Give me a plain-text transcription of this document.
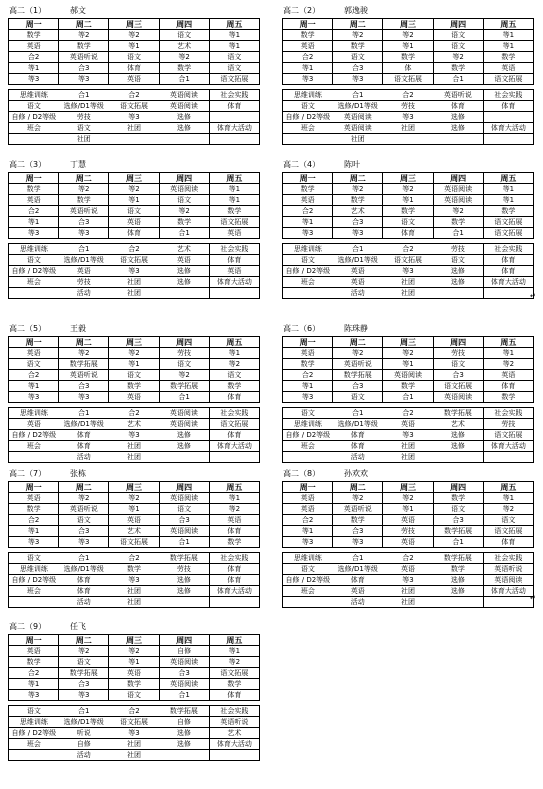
高二（1）	郝文
周一	周二	周三	周四	周五
数学	等2	等2	语文	等1
英语	数学	等1	艺术	等1
合2	英语听说	语文	等2	语文
等1	合3	体育	数学	语文
等3	等3	英语	合1	语文拓展
思维训练	合1	合2	英语阅读	社会实践
语文	选修/D1等级	语文拓展	英语阅读	体育
自修 / D2等级	劳技	等3	选修	
班会	语文	社团	选修	体育大活动
	社团			
高二（2）	郭逸骏
周一	周二	周三	周四	周五
数学	等2	等2	语文	等1
英语	数学	等1	语文	等1
合2	语文	数学	等2	数学
等1	合3	体	数学	英语
等3	等3	语文拓展	合1	语文拓展
思维训练	合1	合2	英语听说	社会实践
语文	选修/D1等级	劳技	体育	体育
自修 / D2等级	英语阅读	等3	选修	
班会	英语阅读	社团	选修	体育大活动
	社团			
高二（3）	丁慧
周一	周二	周三	周四	周五
数学	等2	等2	英语阅读	等1
英语	数学	等1	语文	等1
合2	英语听说	语文	等2	数学
等1	合3	英语	数学	语文拓展
等3	等3	体育	合1	英语
思维训练	合1	合2	艺术	社会实践
语文	选修/D1等级	语文拓展	英语	体育
自修 / D2等级	英语	等3	选修	英语
班会	劳技	社团	选修	体育大活动
	活动	社团		
高二（4）	陈叶
周一	周二	周三	周四	周五
数学	等2	等2	英语阅读	等1
英语	数学	等1	英语阅读	等1
合2	艺术	数学	等2	数学
等1	合3	语文	数学	语文拓展
等3	等3	体育	合1	语文拓展
思维训练	合1	合2	劳技	社会实践
语文	选修/D1等级	语文拓展	语文	体育
自修 / D2等级	英语	等3	选修	体育
班会	英语	社团	选修	体育大活动
	活动	社团		
高二（5）	王毅
周一	周二	周三	周四	周五
英语	等2	等2	劳技	等1
语文	数学拓展	等1	语文	等2
合2	英语听说	语文	等2	语文
等1	合3	数学	数学拓展	数学
等3	等3	英语	合1	体育
思维训练	合1	合2	英语阅读	社会实践
英语	选修/D1等级	艺术	英语阅读	语文拓展
自修 / D2等级	体育	等3	选修	体育
班会	体育	社团	选修	体育大活动
	活动	社团		
高二（6）	陈珠静
周一	周二	周三	周四	周五
英语	等2	等2	劳技	等1
数学	英语听说	等1	语文	等2
合2	数学拓展	英语阅读	合3	英语
等1	合3	数学	语文拓展	体育
等3	语文	合1	英语阅读	数学
语文	合1	合2	数学拓展	社会实践
思维训练	选修/D1等级	英语	艺术	劳技
自修 / D2等级	体育	等3	选修	语文拓展
班会	体育	社团	选修	体育大活动
	活动	社团		
高二（7）	张栋
周一	周二	周三	周四	周五
英语	等2	等2	英语阅读	等1
数学	英语听说	等1	语文	等2
合2	语文	英语	合3	英语
等1	合3	艺术	英语阅读	体育
等3	等3	语文拓展	合1	数学
语文	合1	合2	数学拓展	社会实践
思维训练	选修/D1等级	数学	劳技	体育
自修 / D2等级	体育	等3	选修	体育
班会	体育	社团	选修	体育大活动
	活动	社团		
高二（8）	孙欢欢
周一	周二	周三	周四	周五
英语	等2	等2	数学	等1
英语	英语听说	等1	语文	等2
合2	数学	英语	合3	语文
等1	合3	劳技	数学拓展	语文拓展
等3	等3	英语	合1	体育
思维训练	合1	合2	数学拓展	社会实践
语文	选修/D1等级	英语	数学	英语听说
自修 / D2等级	体育	等3	选修	英语阅读
班会	英语	社团	选修	体育大活动
	活动	社团		
高二（9）	任飞
周一	周二	周三	周四	周五
英语	等2	等2	自修	等1
数学	语文	等1	英语阅读	等2
合2	数学拓展	英语	合3	语文拓展
等1	合3	数学	英语阅读	数学
等3	等3	语文	合1	体育
语文	合1	合2	数学拓展	社会实践
思维训练	选修/D1等级	语文拓展	自修	英语听说
自修 / D2等级	听说	等3	选修	艺术
班会	自修	社团	选修	体育大活动
	活动	社团		
↵
↵
